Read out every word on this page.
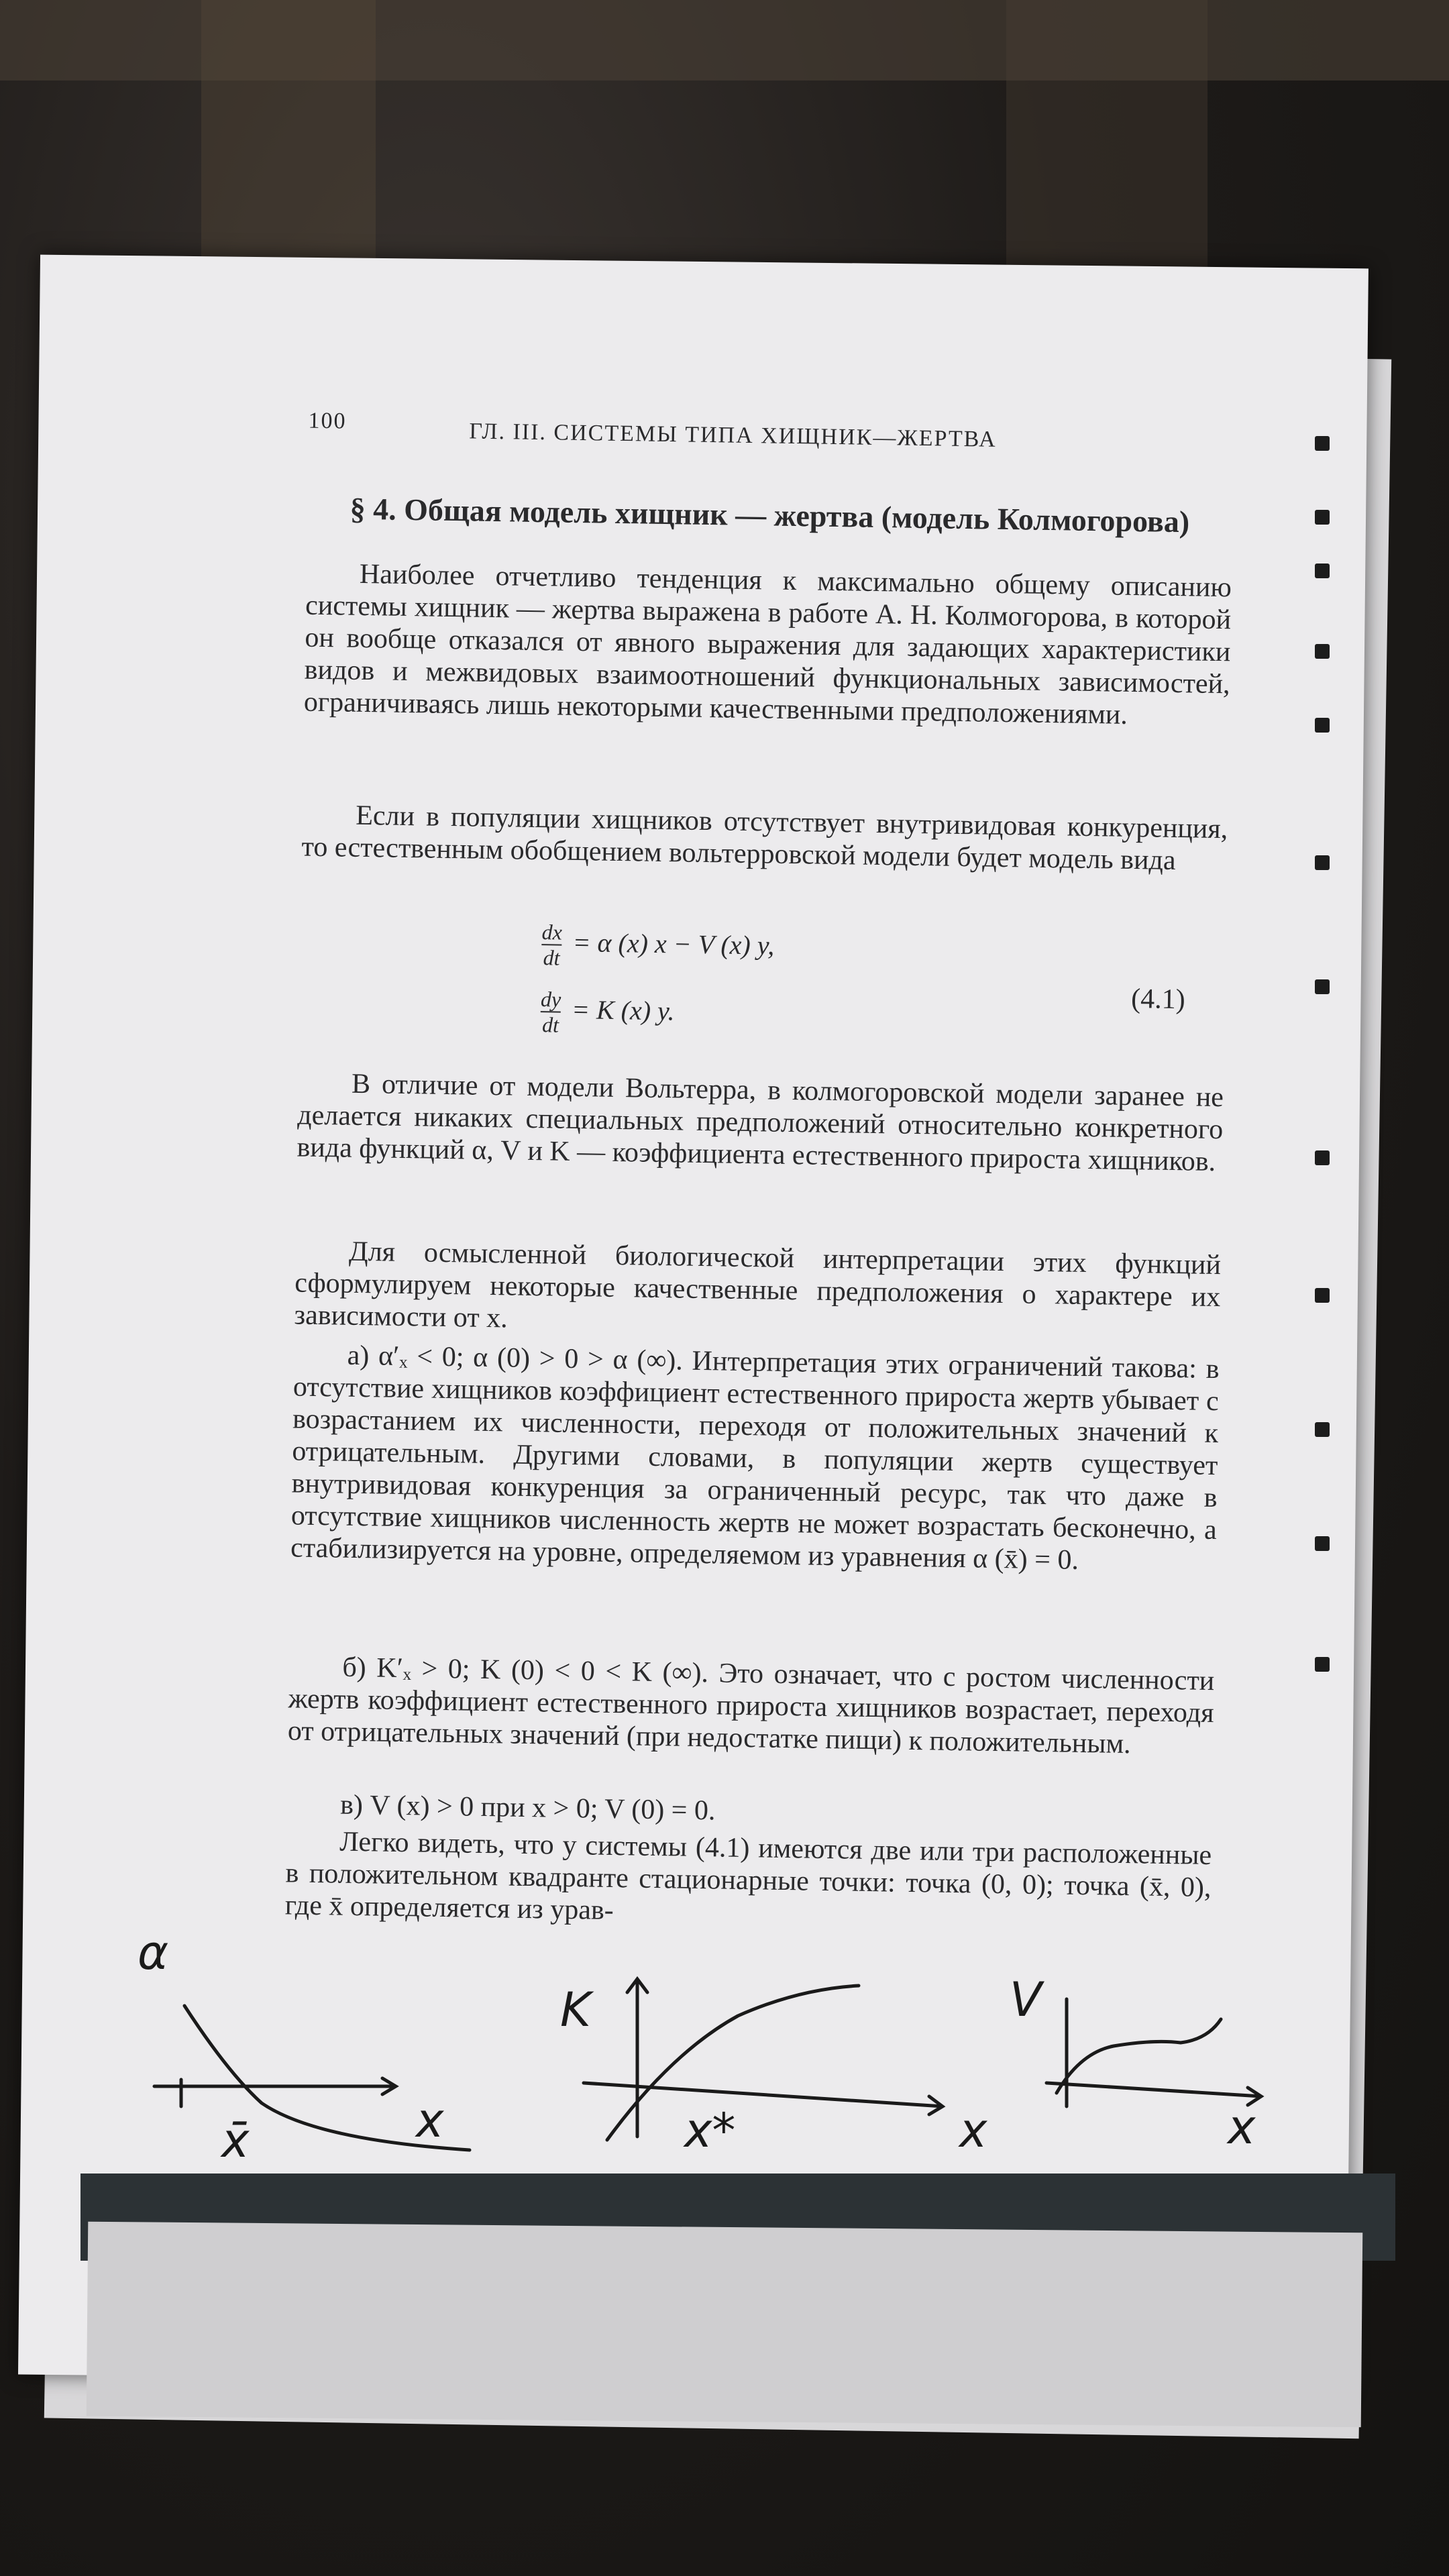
100	ГЛ. III. СИСТЕМЫ ТИПА ХИЩНИК—ЖЕРТВА
§ 4. Общая модель хищник — жертва (модель Колмогорова)
Наиболее отчетливо тенденция к максимально общему описанию системы хищник — жертва выражена в работе А. Н. Колмогорова, в которой он вообще отказался от явного выражения для задающих характеристики видов и межвидовых взаимоотношений функциональных зависимостей, ограничиваясь лишь некоторыми качественными предположениями.
Если в популяции хищников отсутствует внутривидовая конкуренция, то естественным обобщением вольтерровской модели будет модель вида
$\frac{dx}{dt} = \alpha$ (x) x − V (x) y,
$\frac{dy}{dt} = K$ (x) y.	(4.1)
В отличие от модели Вольтерра, в колмогоровской модели заранее не делается никаких специальных предположений относительно конкретного вида функций α, V и K — коэффициента естественного прироста хищников.
Для осмысленной биологической интерпретации этих функций сформулируем некоторые качественные предположения о характере их зависимости от x.
а) α′ₓ < 0; α (0) > 0 > α (∞). Интерпретация этих ограничений такова: в отсутствие хищников коэффициент естественного прироста жертв убывает с возрастанием их численности, переходя от положительных значений к отрицательным. Другими словами, в популяции жертв существует внутривидовая конкуренция за ограниченный ресурс, так что даже в отсутствие хищников численность жертв не может возрастать бесконечно, а стабилизируется на уровне, определяемом из уравнения α (x̄) = 0.
б) K′ₓ > 0; K (0) < 0 < K (∞). Это означает, что с ростом численности жертв коэффициент естественного прироста хищников возрастает, переходя от отрицательных значений (при недостатке пищи) к положительным.
в) V (x) > 0 при x > 0; V (0) = 0.
Легко видеть, что у системы (4.1) имеются две или три расположенные в положительном квадранте стационарные точки: точка (0, 0); точка (x̄, 0), где x̄ определяется из урав-
α
x
x̄
K
x
x*
V
x
